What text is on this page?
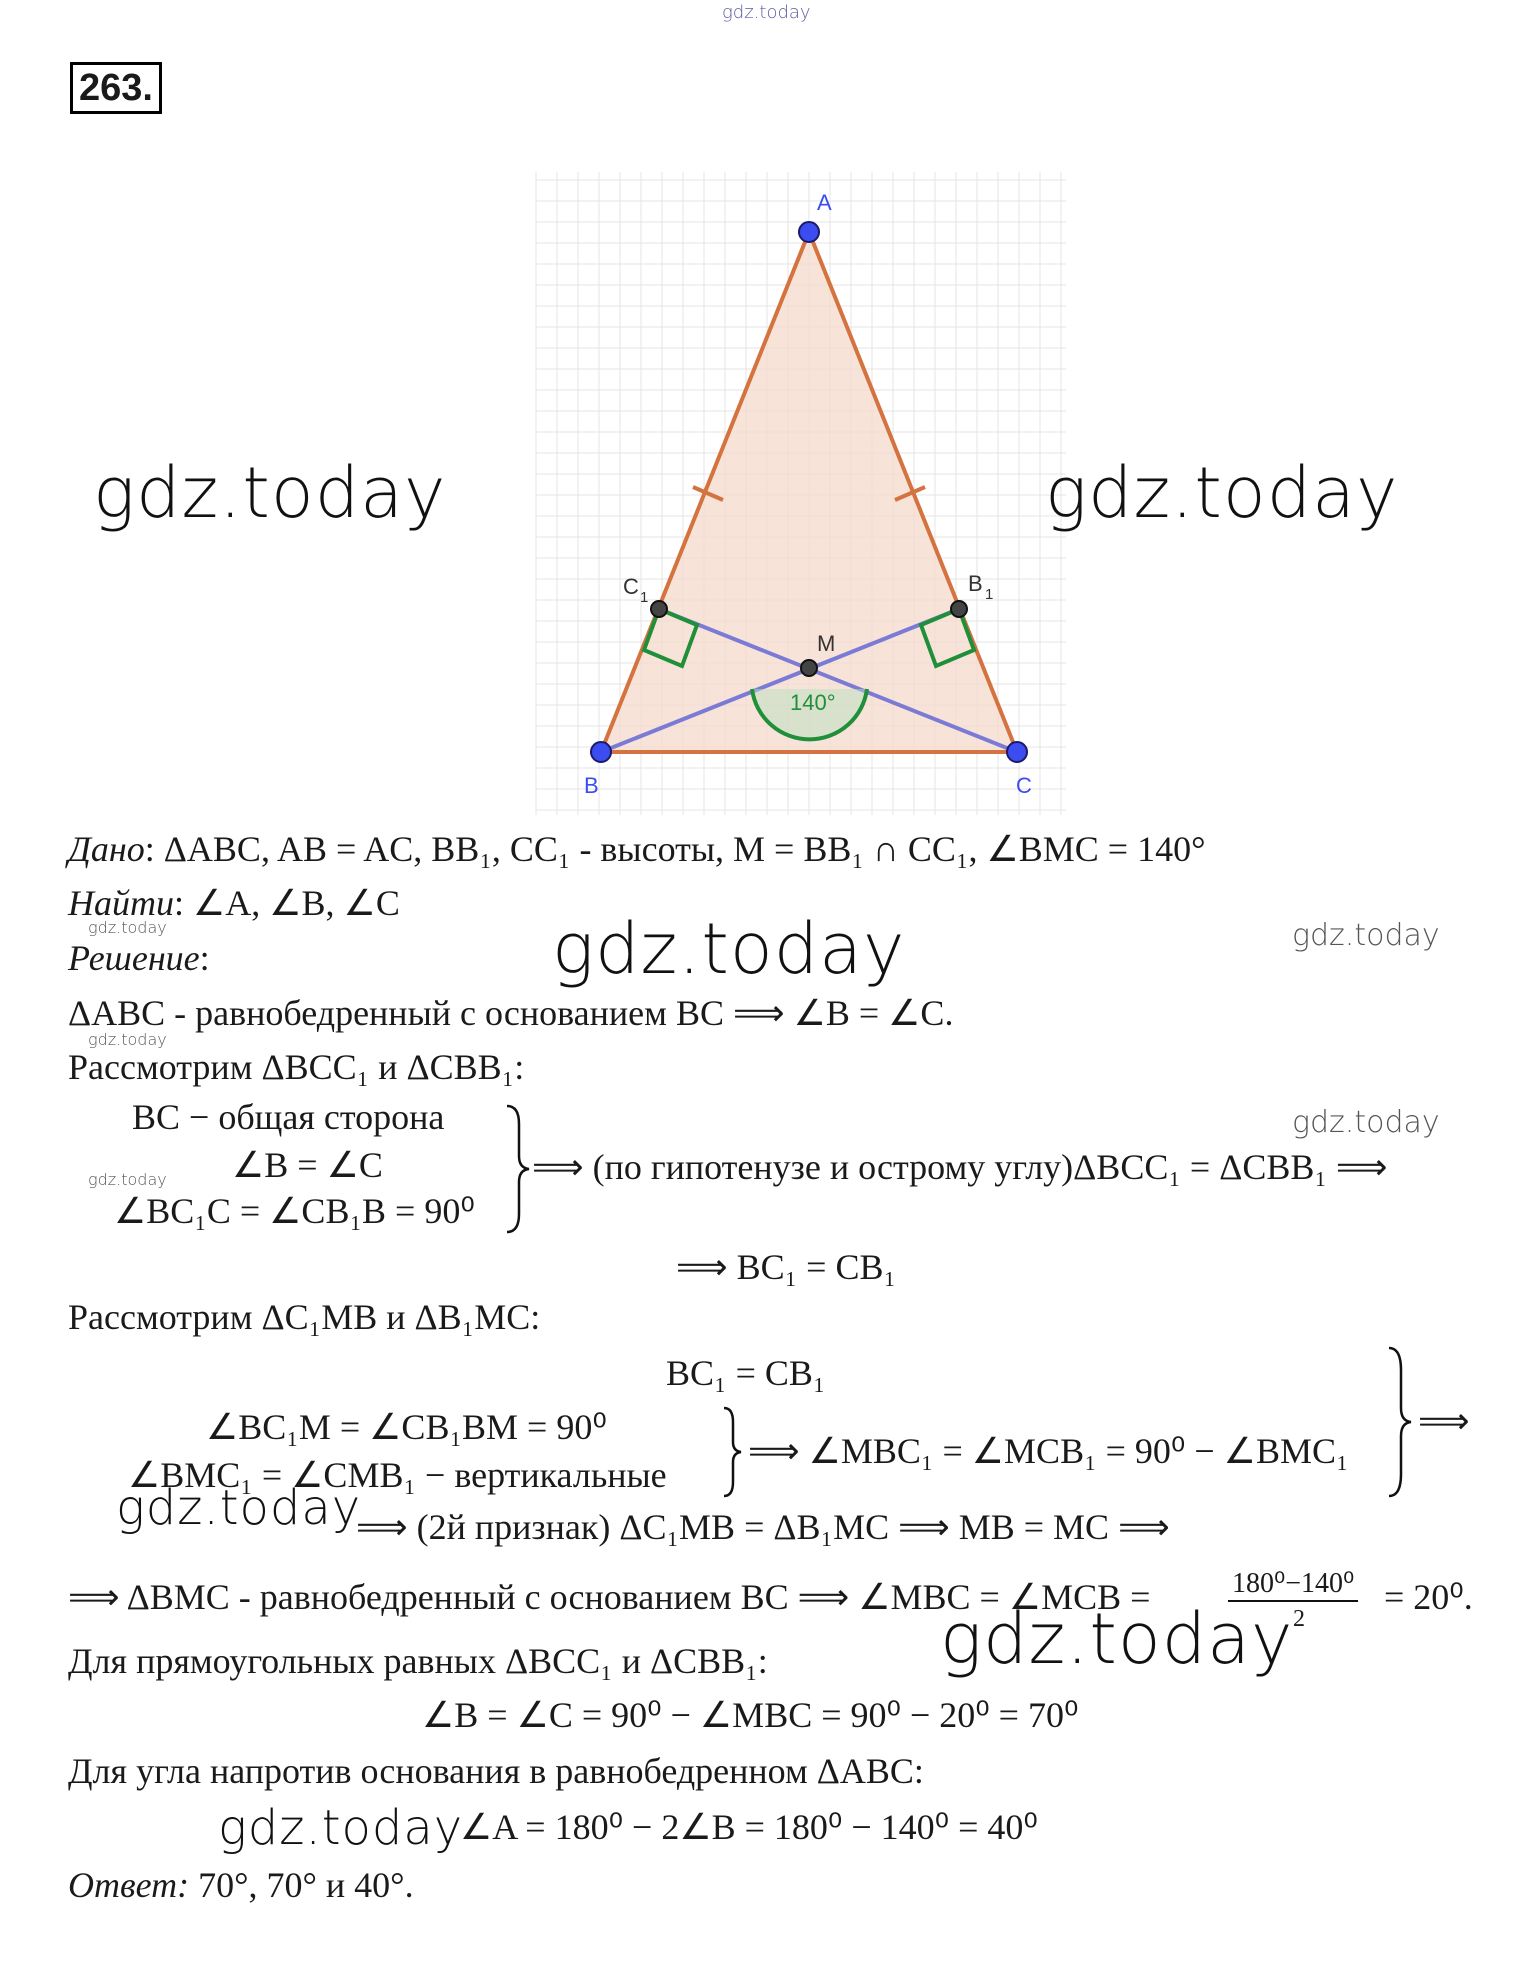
gdz.today
263.
140°
A
B	C
M
C 1
B 1
gdz.today	gdz.today
Дано: ΔABC, AB = AC, BB₁, CC₁ - высоты, M = BB₁ ∩ CC₁, ∠BMC = 140°
Найти: ∠A, ∠B, ∠C
gdz.today	gdz.today
Решение:	gdz.today
ΔABC - равнобедренный с основанием BC ⟹ ∠B = ∠C.
gdz.today
Рассмотрим ΔBCC₁ и ΔCBB₁:
BC − общая сторона
∠B = ∠C
∠BC₁C = ∠CB₁B = 90⁰
gdz.today
gdz.today
⟹ (по гипотенузе и острому углу)ΔBCC₁ = ΔCBB₁ ⟹
⟹ BC₁ = CB₁
Рассмотрим ΔC₁MB и ΔB₁MC:
BC₁ = CB₁
∠BC₁M = ∠CB₁BM = 90⁰
∠BMC₁ = ∠CMB₁ − вертикальные
⟹ ∠MBC₁ = ∠MCB₁ = 90⁰ − ∠BMC₁
⟹
gdz.today
⟹ (2й признак) ΔC₁MB = ΔB₁MC ⟹ MB = MC ⟹
⟹ ΔBMC - равнобедренный с основанием BC ⟹ ∠MBC = ∠MCB =	180⁰−140⁰
gdz.today 2
= 20⁰.
Для прямоугольных равных ΔBCC₁ и ΔCBB₁:
∠B = ∠C = 90⁰ − ∠MBC = 90⁰ − 20⁰ = 70⁰
Для угла напротив основания в равнобедренном ΔABC:
gdz.today
∠A = 180⁰ − 2∠B = 180⁰ − 140⁰ = 40⁰
Ответ: 70°, 70° и 40°.
